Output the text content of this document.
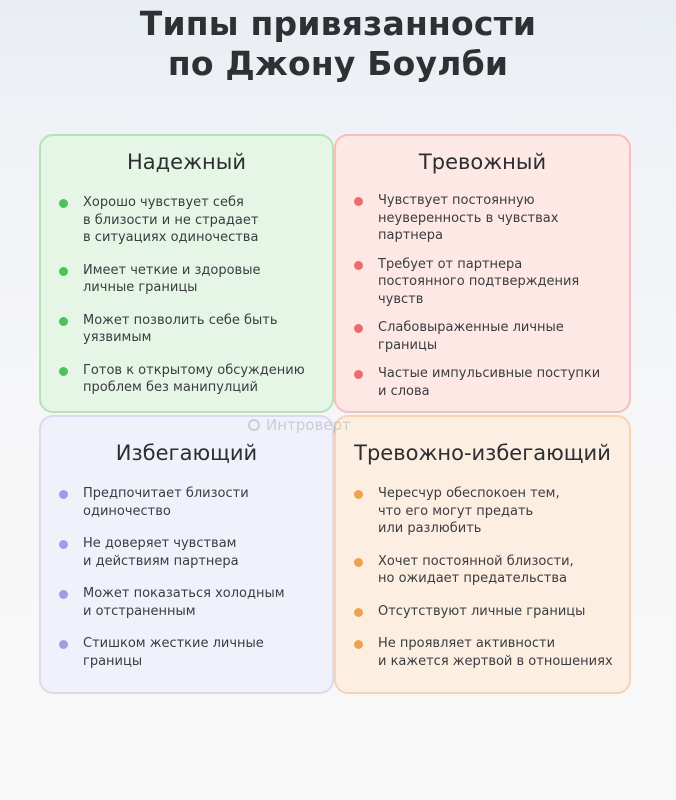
Типы привязанности
по Джону Боулби
Надежный
Хорошо чувствует себя
в близости и не страдает
в ситуациях одиночества
Имеет четкие и здоровые
личные границы
Может позволить себе быть
уязвимым
Готов к открытому обсуждению
проблем без манипулций
Тревожный
Чувствует постоянную
неуверенность в чувствах
партнера
Требует от партнера
постоянного подтверждения
чувств
Слабовыраженные личные
границы
Частые импульсивные поступки
и слова
Избегающий
Предпочитает близости
одиночество
Не доверяет чувствам
и действиям партнера
Может показаться холодным
и отстраненным
Стишком жесткие личные
границы
Тревожно-избегающий
Чересчур обеспокоен тем,
что его могут предать
или разлюбить
Хочет постоянной близости,
но ожидает предательства
Отсутствуют личные границы
Не проявляет активности
и кажется жертвой в отношениях
Интроверт
